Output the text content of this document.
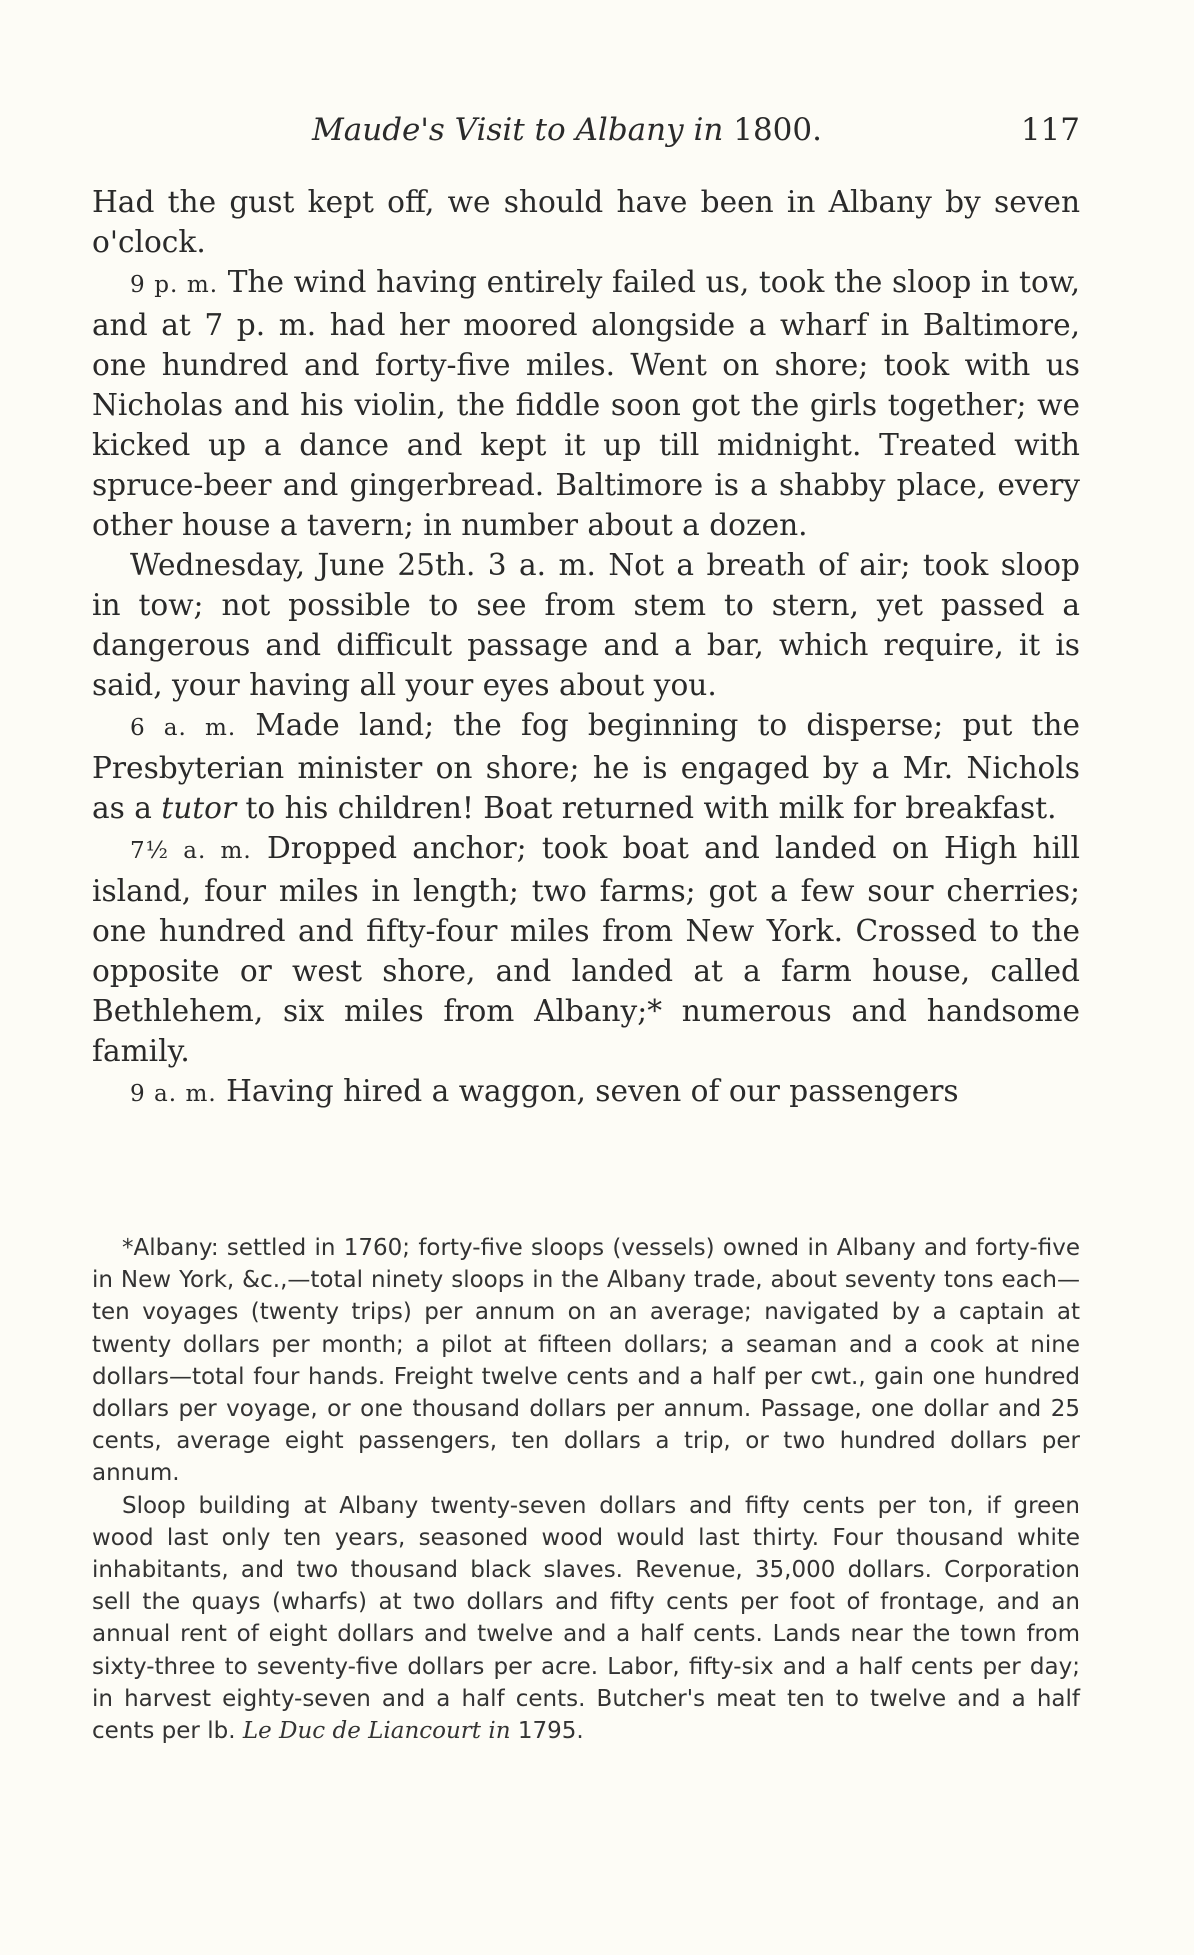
Maude's Visit to Albany in 1800.	117

Had the gust kept off, we should have been in Albany by seven o'clock.

9 p. m. The wind having entirely failed us, took the sloop in tow, and at 7 p. m. had her moored alongside a wharf in Baltimore, one hundred and forty-five miles. Went on shore; took with us Nicholas and his violin, the fiddle soon got the girls together; we kicked up a dance and kept it up till midnight. Treated with spruce-beer and gingerbread. Baltimore is a shabby place, every other house a tavern; in number about a dozen.

Wednesday, June 25th. 3 a. m. Not a breath of air; took sloop in tow; not possible to see from stem to stern, yet passed a dangerous and difficult passage and a bar, which require, it is said, your having all your eyes about you.

6 a. m. Made land; the fog beginning to disperse; put the Presbyterian minister on shore; he is engaged by a Mr. Nichols as a tutor to his children! Boat returned with milk for breakfast.

7½ a. m. Dropped anchor; took boat and landed on High hill island, four miles in length; two farms; got a few sour cherries; one hundred and fifty-four miles from New York. Crossed to the opposite or west shore, and landed at a farm house, called Bethlehem, six miles from Albany;* numerous and handsome family.

9 a. m. Having hired a waggon, seven of our passengers

*Albany: settled in 1760; forty-five sloops (vessels) owned in Albany and forty-five in New York, &c.,—total ninety sloops in the Albany trade, about seventy tons each—ten voyages (twenty trips) per annum on an average; navigated by a captain at twenty dollars per month; a pilot at fifteen dollars; a seaman and a cook at nine dollars—total four hands. Freight twelve cents and a half per cwt., gain one hundred dollars per voyage, or one thousand dollars per annum. Passage, one dollar and 25 cents, average eight passengers, ten dollars a trip, or two hundred dollars per annum.

Sloop building at Albany twenty-seven dollars and fifty cents per ton, if green wood last only ten years, seasoned wood would last thirty. Four thousand white inhabitants, and two thousand black slaves. Revenue, 35,000 dollars. Corporation sell the quays (wharfs) at two dollars and fifty cents per foot of frontage, and an annual rent of eight dollars and twelve and a half cents. Lands near the town from sixty-three to seventy-five dollars per acre. Labor, fifty-six and a half cents per day; in harvest eighty-seven and a half cents. Butcher's meat ten to twelve and a half cents per lb. Le Duc de Liancourt in 1795.
